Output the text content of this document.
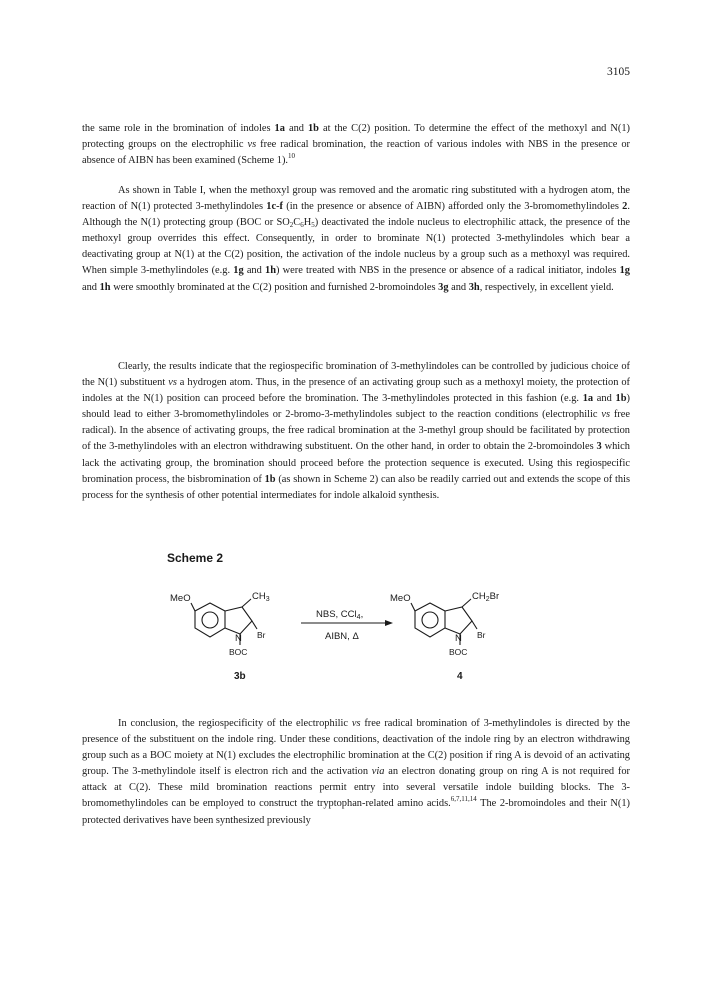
3105

the same role in the bromination of indoles 1a and 1b at the C(2) position. To determine the effect of the methoxyl and N(1) protecting groups on the electrophilic vs free radical bromination, the reaction of various indoles with NBS in the presence or absence of AIBN has been examined (Scheme 1).$^{10}$

As shown in Table I, when the methoxyl group was removed and the aromatic ring substituted with a hydrogen atom, the reaction of N(1) protected 3-methylindoles 1c-f (in the presence or absence of AIBN) afforded only the 3-bromomethylindoles 2. Although the N(1) protecting group (BOC or $SO_2C_6H_5$) deactivated the indole nucleus to electrophilic attack, the presence of the methoxyl group overrides this effect. Consequently, in order to brominate N(1) protected 3-methylindoles which bear a deactivating group at N(1) at the C(2) position, the activation of the indole nucleus by a group such as a methoxyl was required. When simple 3-methylindoles (e.g. 1g and 1h) were treated with NBS in the presence or absence of a radical initiator, indoles 1g and 1h were smoothly brominated at the C(2) position and furnished 2-bromoindoles 3g and 3h, respectively, in excellent yield.

Clearly, the results indicate that the regiospecific bromination of 3-methylindoles can be controlled by judicious choice of the N(1) substituent vs a hydrogen atom. Thus, in the presence of an activating group such as a methoxyl moiety, the protection of indoles at the N(1) position can proceed before the bromination. The 3-methylindoles protected in this fashion (e.g. 1a and 1b) should lead to either 3-bromomethylindoles or 2-bromo-3-methylindoles subject to the reaction conditions (electrophilic vs free radical). In the absence of activating groups, the free radical bromination at the 3-methyl group should be facilitated by protection of the 3-methylindoles with an electron withdrawing substituent. On the other hand, in order to obtain the 2-bromoindoles 3 which lack the activating group, the bromination should proceed before the protection sequence is executed. Using this regiospecific bromination process, the bisbromination of 1b (as shown in Scheme 2) can also be readily carried out and extends the scope of this process for the synthesis of other potential intermediates for indole alkaloid synthesis.

Scheme 2
MeO	$CH_3$
N Br
BOC
3b
NBS, CCl$_4$,
AIBN, Δ
MeO	$CH_2Br$
N Br
BOC
4

In conclusion, the regiospecificity of the electrophilic vs free radical bromination of 3-methylindoles is directed by the presence of the substituent on the indole ring. Under these conditions, deactivation of the indole ring by an electron withdrawing group such as a BOC moiety at N(1) excludes the electrophilic bromination at the C(2) position if ring A is devoid of an activating group. The 3-methylindole itself is electron rich and the activation via an electron donating group on ring A is not required for attack at C(2). These mild bromination reactions permit entry into several versatile indole building blocks. The 3-bromomethylindoles can be employed to construct the tryptophan-related amino acids.$^{6,7,11,14}$ The 2-bromoindoles and their N(1) protected derivatives have been synthesized previously
